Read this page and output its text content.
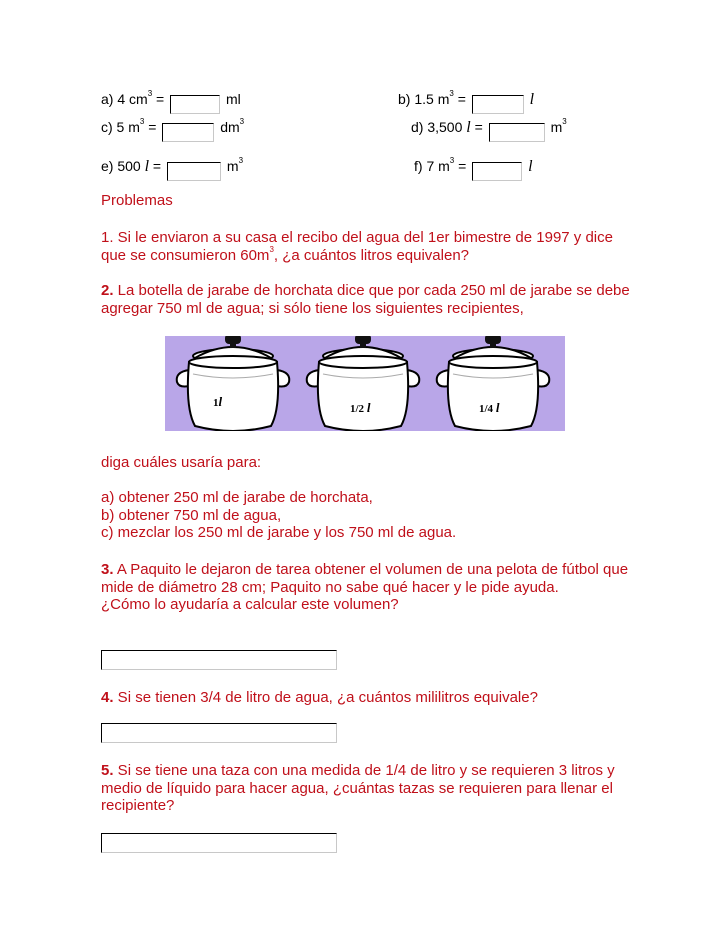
a) 4 $cm^3$ =	ml	b) 1.5 $m^3$ =	l
c) 5 $m^3$ =	$dm^3$	d) 3,500 l =	$m^3$
e) 500 l =	$m^3$	f) 7 $m^3$ =	l
Problemas
1. Si le enviaron a su casa el recibo del agua del 1er bimestre de 1997 y dice que se consumieron $60m^3$, ¿a cuántos litros equivalen?
2. La botella de jarabe de horchata dice que por cada 250 ml de jarabe se debe agregar 750 ml de agua; si sólo tiene los siguientes recipientes,
1l	1/2 l	1/4 l
diga cuáles usaría para:
a) obtener 250 ml de jarabe de horchata,
b) obtener 750 ml de agua,
c) mezclar los 250 ml de jarabe y los 750 ml de agua.
3. A Paquito le dejaron de tarea obtener el volumen de una pelota de fútbol que mide de diámetro 28 cm; Paquito no sabe qué hacer y le pide ayuda.
¿Cómo lo ayudaría a calcular este volumen?
4. Si se tienen 3/4 de litro de agua, ¿a cuántos mililitros equivale?
5. Si se tiene una taza con una medida de 1/4 de litro y se requieren 3 litros y medio de líquido para hacer agua, ¿cuántas tazas se requieren para llenar el recipiente?
